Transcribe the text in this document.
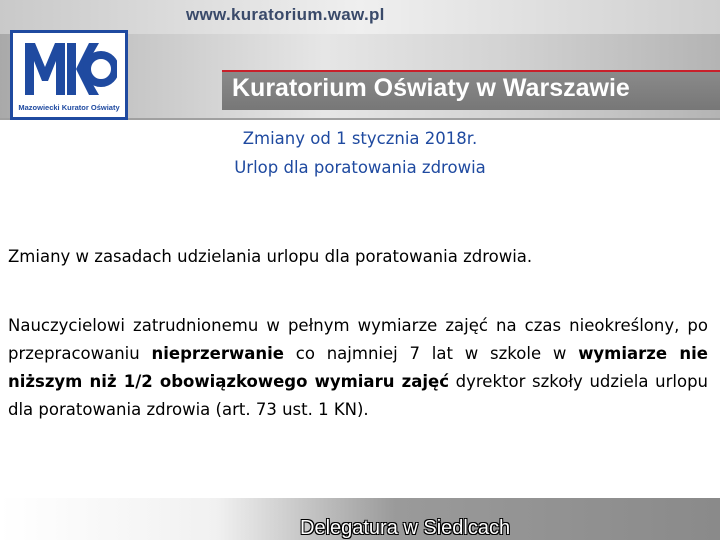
www.kuratorium.waw.pl
Kuratorium Oświaty w Warszawie
Mazowiecki Kurator Oświaty
Zmiany od 1 stycznia 2018r.
Urlop dla poratowania zdrowia
Zmiany w zasadach udzielania urlopu dla poratowania zdrowia.

Nauczycielowi zatrudnionemu w pełnym wymiarze zajęć na czas nieokreślony, po przepracowaniu nieprzerwanie co najmniej 7 lat w szkole w wymiarze nie niższym niż 1/2 obowiązkowego wymiaru zajęć dyrektor szkoły udziela urlopu dla poratowania zdrowia (art. 73 ust. 1 KN).

Delegatura w Siedlcach
